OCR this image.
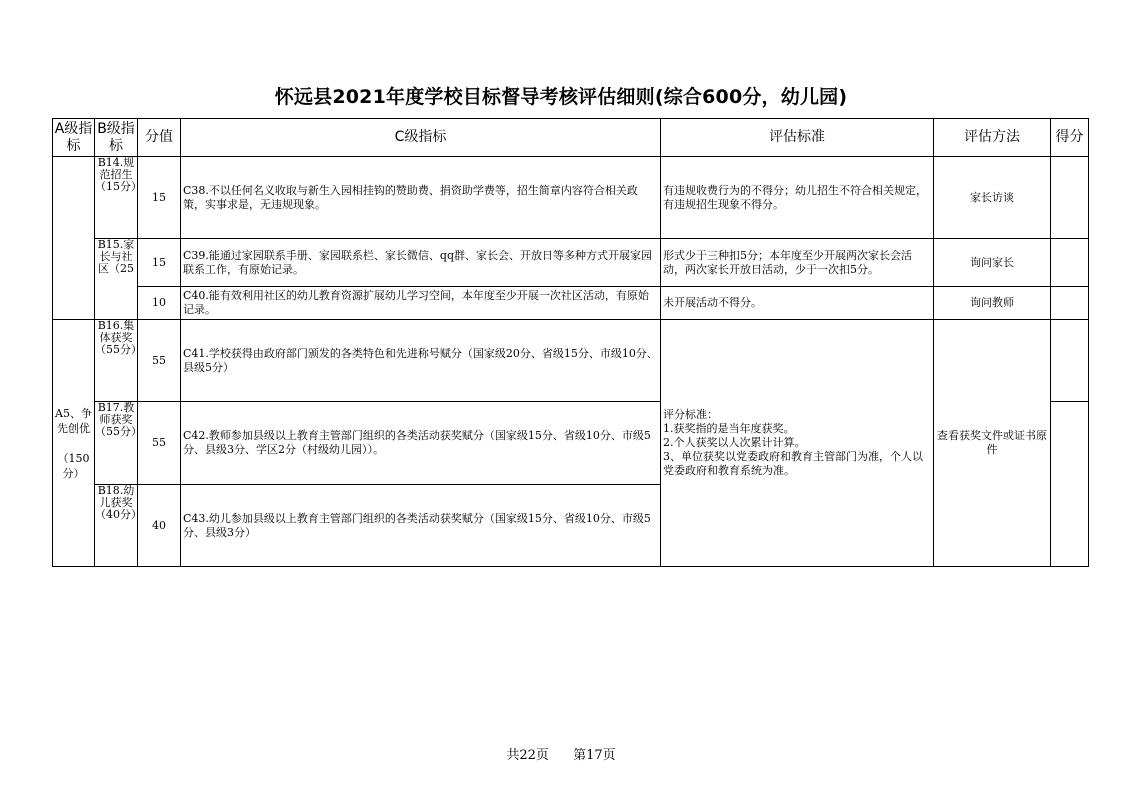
怀远县2021年度学校目标督导考核评估细则(综合600分，幼儿园)
A级指标	B级指标	分值	C级指标	评估标准	评估方法	得分

	B14.规范招生（15分）	15	C38.不以任何名义收取与新生入园相挂钩的赞助费、捐资助学费等，招生简章内容符合相关政策，实事求是，无违规现象。	有违规收费行为的不得分；幼儿招生不符合相关规定，有违规招生现象不得分。	家长访谈	

	B15.家长与社区（25	15	C39.能通过家园联系手册、家园联系栏、家长微信、qq群、家长会、开放日等多种方式开展家园联系工作，有原始记录。	形式少于三种扣5分；本年度至少开展两次家长会活动，两次家长开放日活动，少于一次扣5分。	询问家长	
		10	C40.能有效利用社区的幼儿教育资源扩展幼儿学习空间，本年度至少开展一次社区活动，有原始记录。	未开展活动不得分。	询问教师	
A5、争先创优

（150分）	B16.集体获奖（55分）	55	C41.学校获得由政府部门颁发的各类特色和先进称号赋分（国家级20分、省级15分、市级10分、县级5分）	评分标准：
1.获奖指的是当年度获奖。
2.个人获奖以人次累计计算。
3、单位获奖以党委政府和教育主管部门为准，个人以党委政府和教育系统为准。	查看获奖文件或证书原件	

	B17.教师获奖（55分）	55	C42.教师参加县级以上教育主管部门组织的各类活动获奖赋分（国家级15分、省级10分、市级5分、县级3分、学区2分（村级幼儿园））。			

	B18.幼儿获奖（40分）	40	C43.幼儿参加县级以上教育主管部门组织的各类活动获奖赋分（国家级15分、省级10分、市级5分、县级3分）			
共22页 第17页
